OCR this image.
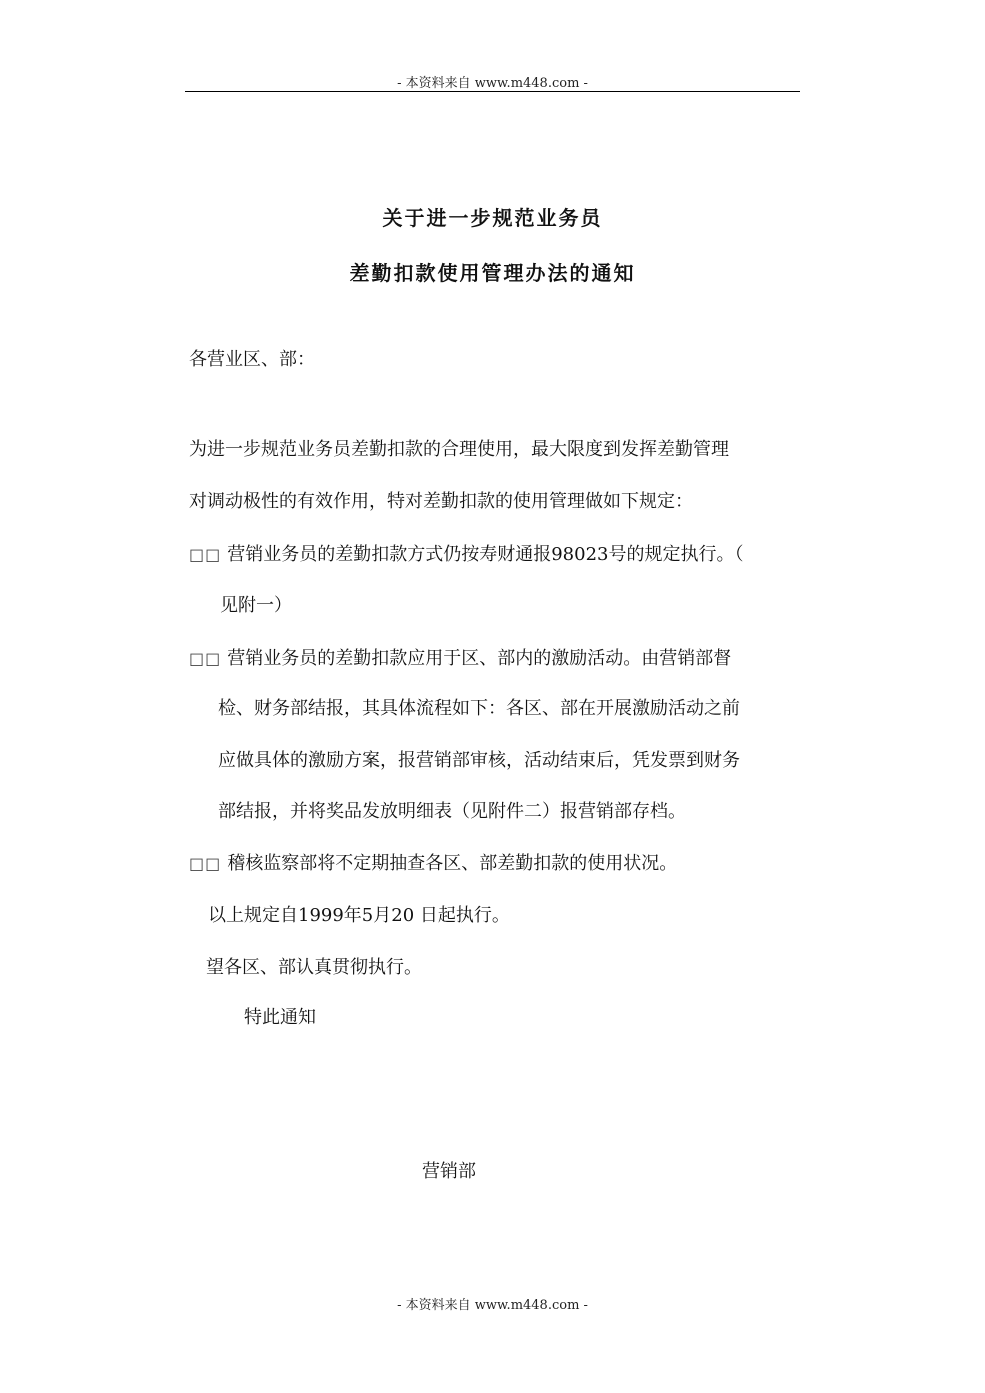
- 本资料来自 www.m448.com -
关于进一步规范业务员
差勤扣款使用管理办法的通知
各营业区、部：
为进一步规范业务员差勤扣款的合理使用，最大限度到发挥差勤管理
对调动极性的有效作用，特对差勤扣款的使用管理做如下规定：
□□ 营销业务员的差勤扣款方式仍按寿财通报98023号的规定执行。（
见附一）
□□ 营销业务员的差勤扣款应用于区、部内的激励活动。由营销部督
检、财务部结报，其具体流程如下：各区、部在开展激励活动之前
应做具体的激励方案，报营销部审核，活动结束后，凭发票到财务
部结报，并将奖品发放明细表（见附件二）报营销部存档。
□□ 稽核监察部将不定期抽查各区、部差勤扣款的使用状况。
以上规定自1999年5月20 日起执行。
望各区、部认真贯彻执行。
特此通知
营销部
- 本资料来自 www.m448.com -
